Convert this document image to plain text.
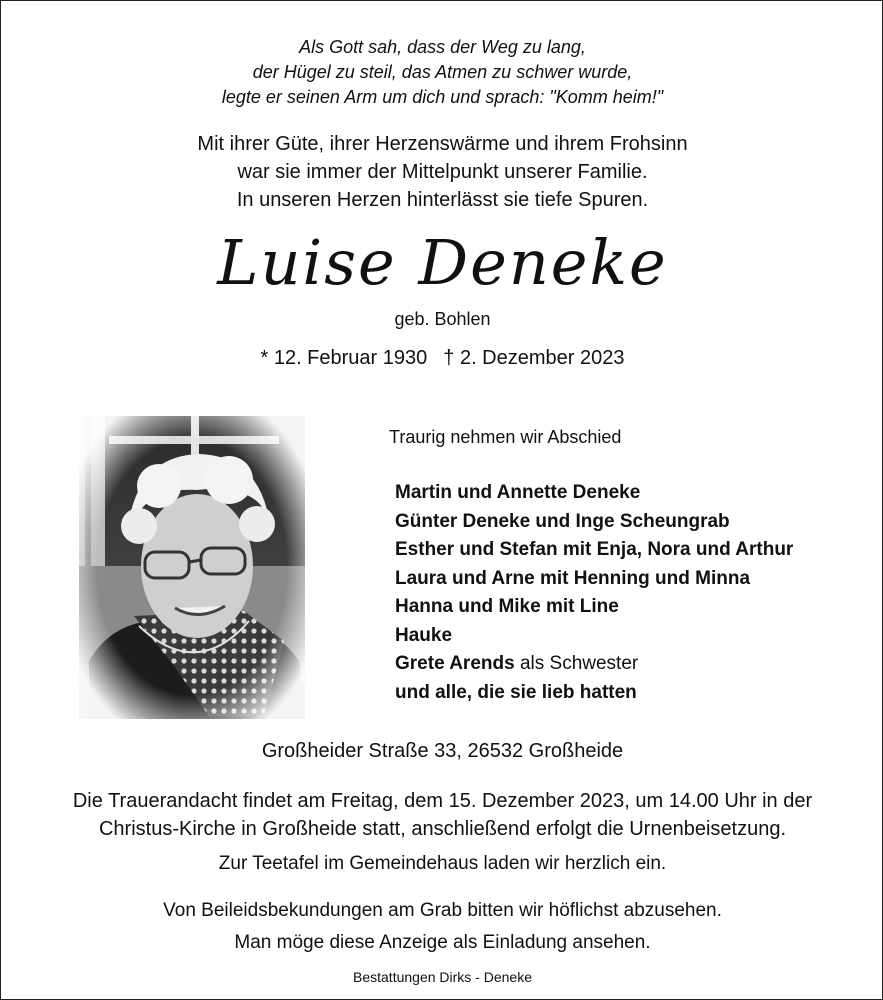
Als Gott sah, dass der Weg zu lang,
der Hügel zu steil, das Atmen zu schwer wurde,
legte er seinen Arm um dich und sprach: "Komm heim!"
Mit ihrer Güte, ihrer Herzenswärme und ihrem Frohsinn
war sie immer der Mittelpunkt unserer Familie.
In unseren Herzen hinterlässt sie tiefe Spuren.
Luise Deneke
geb. Bohlen
* 12. Februar 1930 † 2. Dezember 2023
Traurig nehmen wir Abschied
Martin und Annette Deneke
Günter Deneke und Inge Scheungrab
Esther und Stefan mit Enja, Nora und Arthur
Laura und Arne mit Henning und Minna
Hanna und Mike mit Line
Hauke
Grete Arends als Schwester
und alle, die sie lieb hatten
Großheider Straße 33, 26532 Großheide
Die Trauerandacht findet am Freitag, dem 15. Dezember 2023, um 14.00 Uhr in der
Christus-Kirche in Großheide statt, anschließend erfolgt die Urnenbeisetzung.
Zur Teetafel im Gemeindehaus laden wir herzlich ein.
Von Beileidsbekundungen am Grab bitten wir höflichst abzusehen.
Man möge diese Anzeige als Einladung ansehen.
Bestattungen Dirks - Deneke
